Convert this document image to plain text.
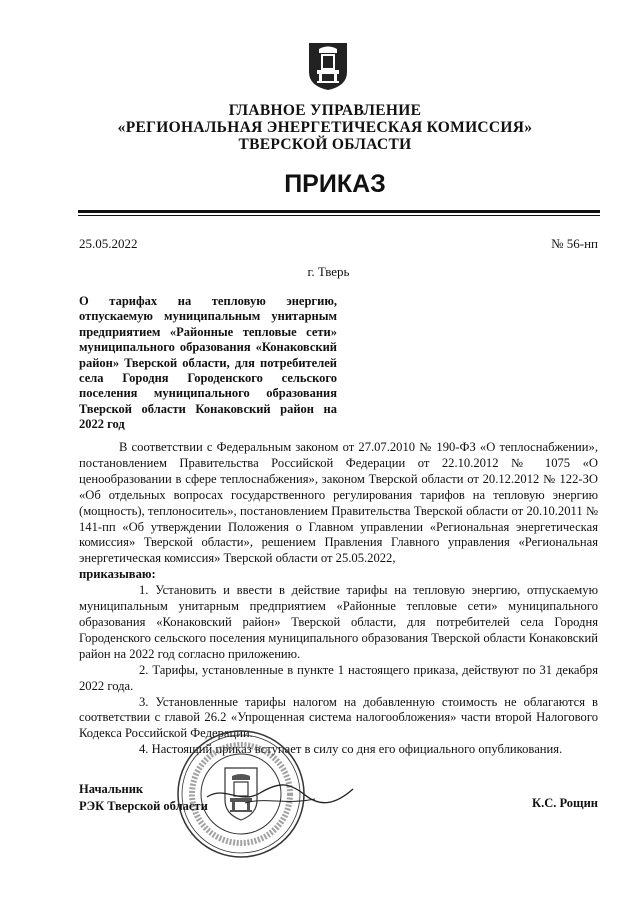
ГЛАВНОЕ УПРАВЛЕНИЕ
«РЕГИОНАЛЬНАЯ ЭНЕРГЕТИЧЕСКАЯ КОМИССИЯ»
ТВЕРСКОЙ ОБЛАСТИ
ПРИКАЗ
25.05.2022	№ 56-нп
г. Тверь
О тарифах на тепловую энергию, отпускаемую муниципальным унитарным предприятием «Районные тепловые сети» муниципального образования «Конаковский район» Тверской области, для потребителей села Городня Городенского сельского поселения муниципального образования Тверской области Конаковский район на 2022 год

В соответствии с Федеральным законом от 27.07.2010 № 190-ФЗ «О теплоснабжении», постановлением Правительства Российской Федерации от 22.10.2012 № 1075 «О ценообразовании в сфере теплоснабжения», законом Тверской области от 20.12.2012 № 122-ЗО «Об отдельных вопросах государственного регулирования тарифов на тепловую энергию (мощность), теплоноситель», постановлением Правительства Тверской области от 20.10.2011 № 141-пп «Об утверждении Положения о Главном управлении «Региональная энергетическая комиссия» Тверской области», решением Правления Главного управления «Региональная энергетическая комиссия» Тверской области от 25.05.2022,

приказываю:

1. Установить и ввести в действие тарифы на тепловую энергию, отпускаемую муниципальным унитарным предприятием «Районные тепловые сети» муниципального образования «Конаковский район» Тверской области, для потребителей села Городня Городенского сельского поселения муниципального образования Тверской области Конаковский район на 2022 год согласно приложению.

2. Тарифы, установленные в пункте 1 настоящего приказа, действуют по 31 декабря 2022 года.

3. Установленные тарифы налогом на добавленную стоимость не облагаются в соответствии с главой 26.2 «Упрощенная система налогообложения» части второй Налогового Кодекса Российской Федерации.

4. Настоящий приказ вступает в силу со дня его официального опубликования.

Начальник
РЭК Тверской области	К.С. Рощин
